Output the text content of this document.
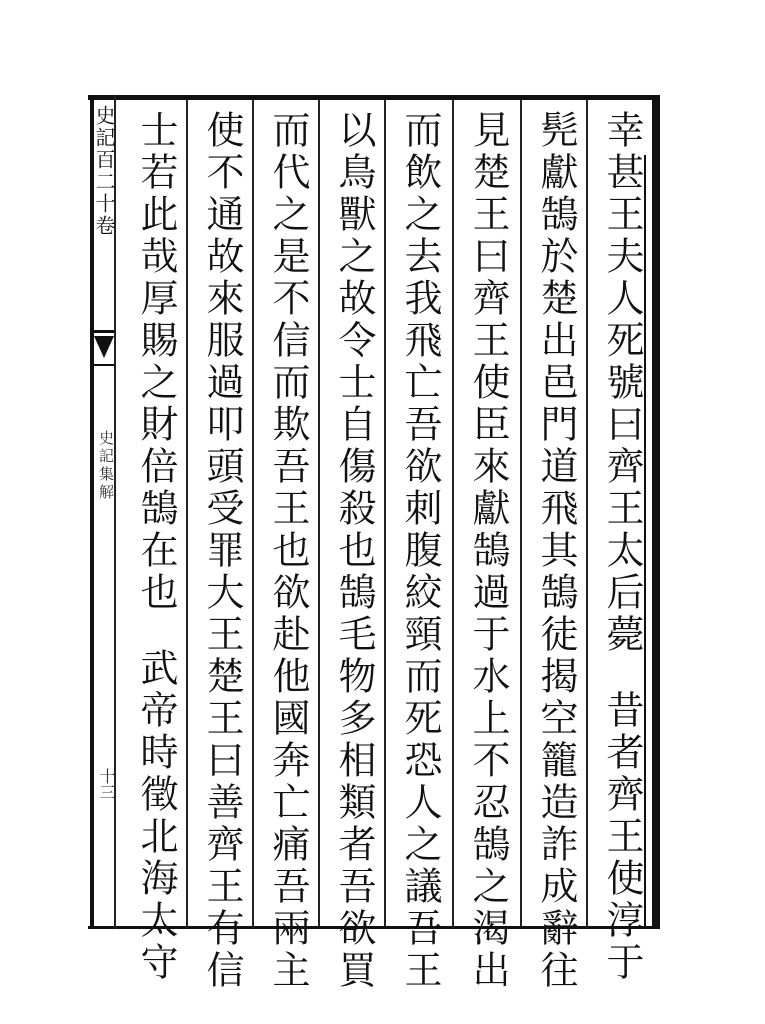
史記百二十卷
史記集解
十三
幸甚王夫人死號曰齊王太后薨昔者齊王使淳于
髡獻鵠於楚出邑門道飛其鵠徒揭空籠造詐成辭往
見楚王曰齊王使臣來獻鵠過于水上不忍鵠之渴出
而飲之去我飛亡吾欲刺腹絞頸而死恐人之議吾王
以鳥獸之故令士自傷殺也鵠毛物多相類者吾欲買
而代之是不信而欺吾王也欲赴他國奔亡痛吾兩主
使不通故來服過叩頭受罪大王楚王曰善齊王有信
士若此哉厚賜之財倍鵠在也武帝時徵北海太守
